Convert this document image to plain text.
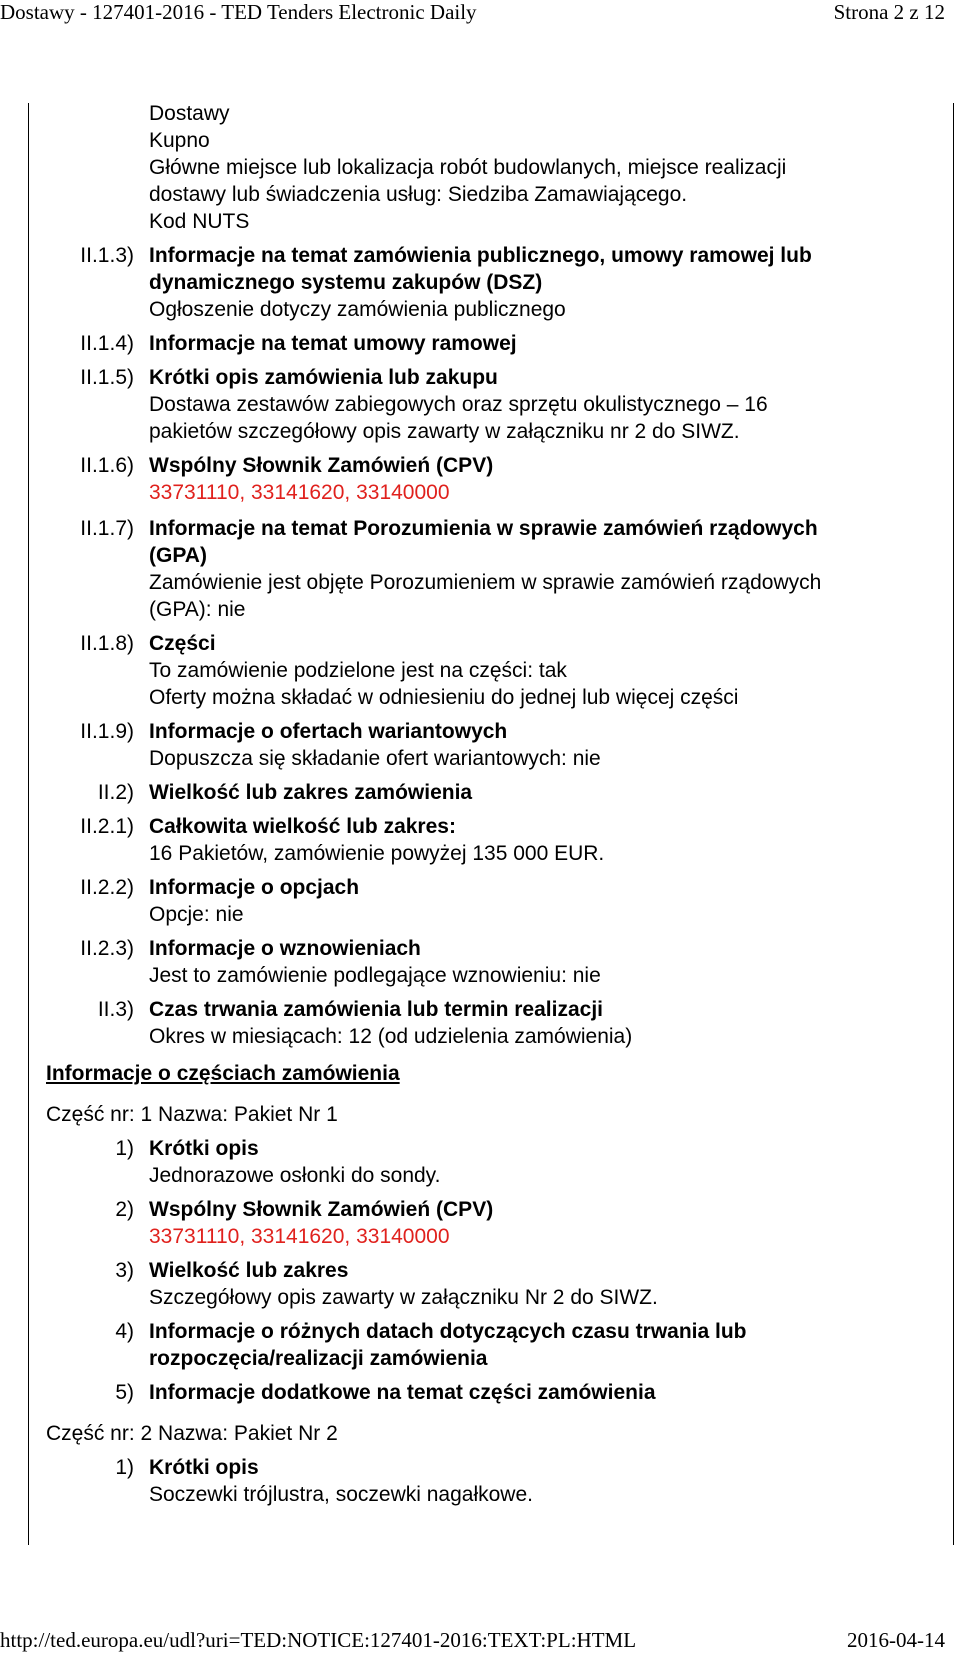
Dostawy - 127401-2016 - TED Tenders Electronic Daily	Strona 2 z 12
Dostawy
Kupno
Główne miejsce lub lokalizacja robót budowlanych, miejsce realizacji
dostawy lub świadczenia usług: Siedziba Zamawiającego.
Kod NUTS
II.1.3) Informacje na temat zamówienia publicznego, umowy ramowej lub
dynamicznego systemu zakupów (DSZ)
Ogłoszenie dotyczy zamówienia publicznego
II.1.4) Informacje na temat umowy ramowej
II.1.5) Krótki opis zamówienia lub zakupu
Dostawa zestawów zabiegowych oraz sprzętu okulistycznego – 16
pakietów szczegółowy opis zawarty w załączniku nr 2 do SIWZ.
II.1.6) Wspólny Słownik Zamówień (CPV)
33731110, 33141620, 33140000
II.1.7) Informacje na temat Porozumienia w sprawie zamówień rządowych
(GPA)
Zamówienie jest objęte Porozumieniem w sprawie zamówień rządowych
(GPA): nie
II.1.8) Części
To zamówienie podzielone jest na części: tak
Oferty można składać w odniesieniu do jednej lub więcej części
II.1.9) Informacje o ofertach wariantowych
Dopuszcza się składanie ofert wariantowych: nie
II.2) Wielkość lub zakres zamówienia
II.2.1) Całkowita wielkość lub zakres:
16 Pakietów, zamówienie powyżej 135 000 EUR.
II.2.2) Informacje o opcjach
Opcje: nie
II.2.3) Informacje o wznowieniach
Jest to zamówienie podlegające wznowieniu: nie
II.3) Czas trwania zamówienia lub termin realizacji
Okres w miesiącach: 12 (od udzielenia zamówienia)
Informacje o częściach zamówienia
Część nr: 1 Nazwa: Pakiet Nr 1
1) Krótki opis
Jednorazowe osłonki do sondy.
2) Wspólny Słownik Zamówień (CPV)
33731110, 33141620, 33140000
3) Wielkość lub zakres
Szczegółowy opis zawarty w załączniku Nr 2 do SIWZ.
4) Informacje o różnych datach dotyczących czasu trwania lub
rozpoczęcia/realizacji zamówienia
5) Informacje dodatkowe na temat części zamówienia
Część nr: 2 Nazwa: Pakiet Nr 2
1) Krótki opis
Soczewki trójlustra, soczewki nagałkowe.
http://ted.europa.eu/udl?uri=TED:NOTICE:127401-2016:TEXT:PL:HTML	2016-04-14
